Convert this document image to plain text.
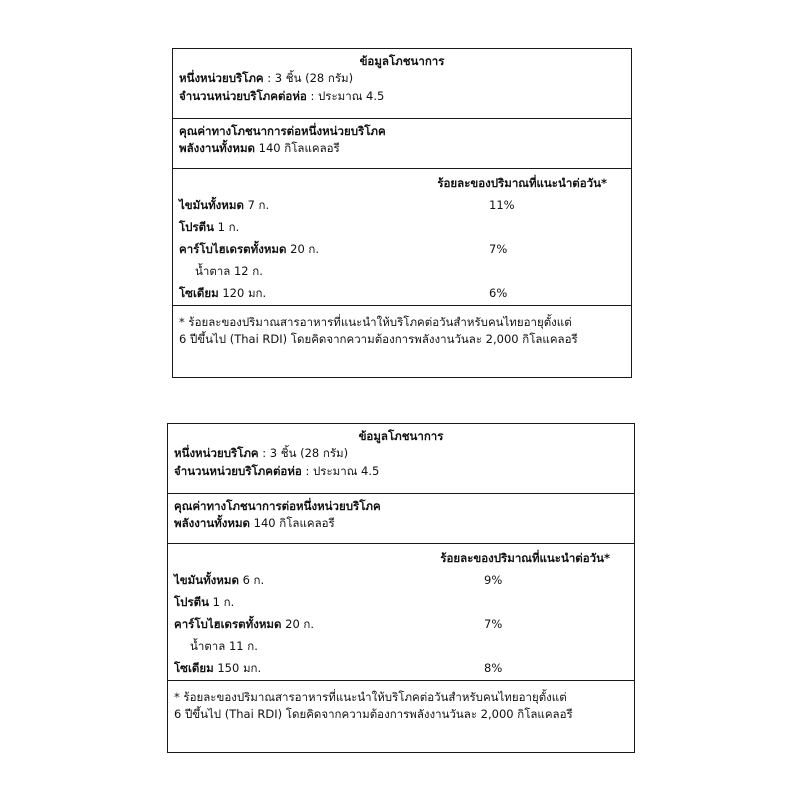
ข้อมูลโภชนาการ
หนึ่งหน่วยบริโภค : 3 ชิ้น (28 กรัม)
จำนวนหน่วยบริโภคต่อห่อ : ประมาณ 4.5
คุณค่าทางโภชนาการต่อหนึ่งหน่วยบริโภค
พลังงานทั้งหมด 140 กิโลแคลอรี
ร้อยละของปริมาณที่แนะนำต่อวัน*
ไขมันทั้งหมด 7 ก.	11%
โปรตีน 1 ก.
คาร์โบไฮเดรตทั้งหมด 20 ก.	7%
น้ำตาล 12 ก.
โซเดียม 120 มก.	6%
* ร้อยละของปริมาณสารอาหารที่แนะนำให้บริโภคต่อวันสำหรับคนไทยอายุตั้งแต่
6 ปีขึ้นไป (Thai RDI) โดยคิดจากความต้องการพลังงานวันละ 2,000 กิโลแคลอรี
ข้อมูลโภชนาการ
หนึ่งหน่วยบริโภค : 3 ชิ้น (28 กรัม)
จำนวนหน่วยบริโภคต่อห่อ : ประมาณ 4.5
คุณค่าทางโภชนาการต่อหนึ่งหน่วยบริโภค
พลังงานทั้งหมด 140 กิโลแคลอรี
ร้อยละของปริมาณที่แนะนำต่อวัน*
ไขมันทั้งหมด 6 ก.	9%
โปรตีน 1 ก.
คาร์โบไฮเดรตทั้งหมด 20 ก.	7%
น้ำตาล 11 ก.
โซเดียม 150 มก.	8%
* ร้อยละของปริมาณสารอาหารที่แนะนำให้บริโภคต่อวันสำหรับคนไทยอายุตั้งแต่
6 ปีขึ้นไป (Thai RDI) โดยคิดจากความต้องการพลังงานวันละ 2,000 กิโลแคลอรี
